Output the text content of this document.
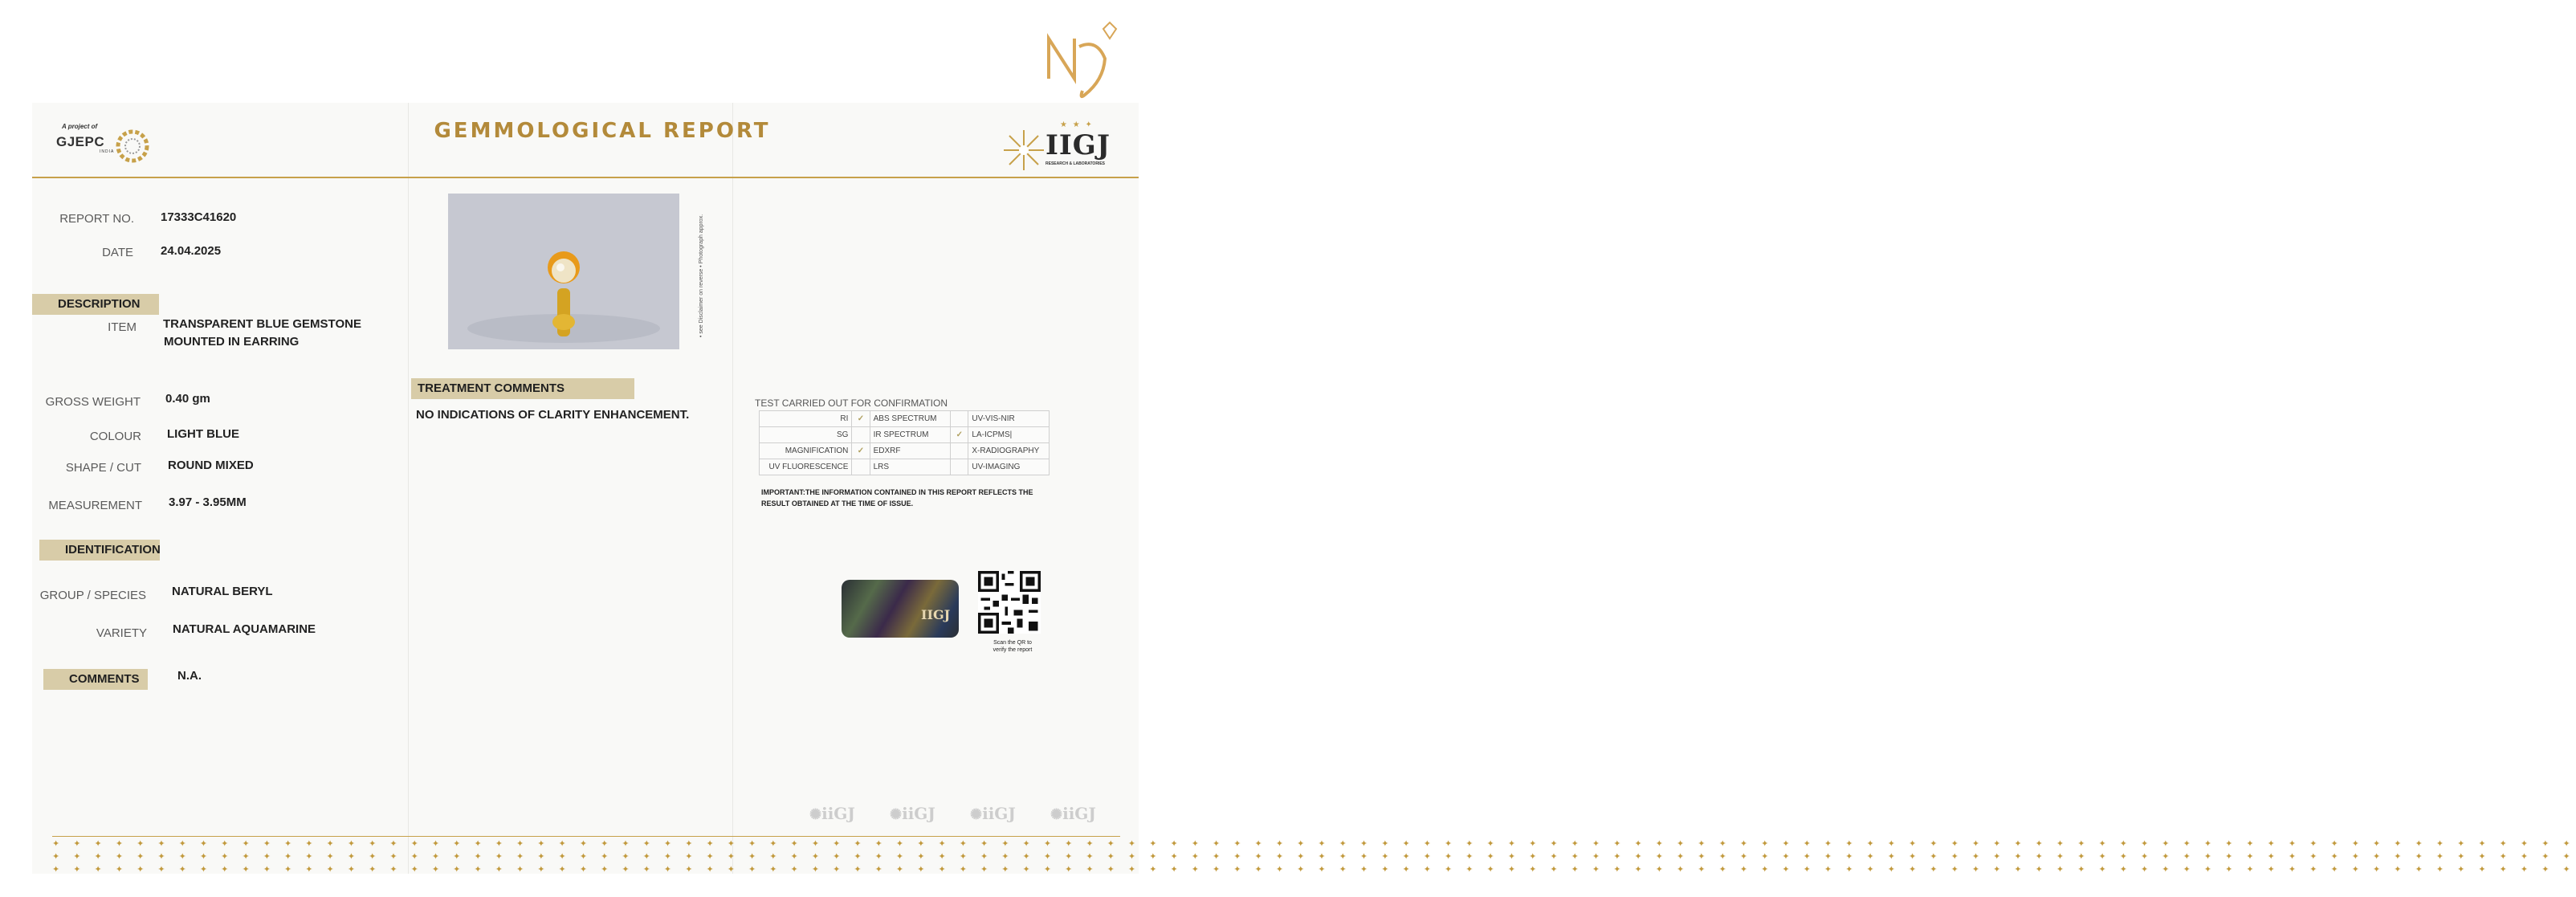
A project of
GJEPC
INDIA
GEMMOLOGICAL REPORT	★ ★ ✦
IIGJ
RESEARCH & LABORATORIES
REPORT NO. 17333C41620
DATE 24.04.2025
DESCRIPTION
ITEM TRANSPARENT BLUE GEMSTONE
MOUNTED IN EARRING
GROSS WEIGHT 0.40 gm
COLOUR LIGHT BLUE
SHAPE / CUT ROUND MIXED
MEASUREMENT 3.97 - 3.95MM
IDENTIFICATION
GROUP / SPECIES NATURAL BERYL
VARIETY NATURAL AQUAMARINE
COMMENTS	N.A.
• see Disclaimer on reverse • Photograph approx.
TREATMENT COMMENTS
NO INDICATIONS OF CLARITY ENHANCEMENT.
TEST CARRIED OUT FOR CONFIRMATION
RI	✓	ABS SPECTRUM		UV-VIS-NIR
SG		IR SPECTRUM	✓	LA-ICPMS|
MAGNIFICATION	✓	EDXRF		X-RADIOGRAPHY
UV FLUORESCENCE		LRS		UV-IMAGING
IMPORTANT:THE INFORMATION CONTAINED IN THIS REPORT REFLECTS THE RESULT OBTAINED AT THE TIME OF ISSUE.
IIGJ
Scan the QR to
verify the report
✺iiGJ	✺iiGJ	✺iiGJ	✺iiGJ
✦ ✦ ✦ ✦ ✦ ✦ ✦ ✦ ✦ ✦ ✦ ✦ ✦ ✦ ✦ ✦ ✦ ✦ ✦ ✦ ✦ ✦ ✦ ✦ ✦ ✦ ✦ ✦ ✦ ✦ ✦ ✦ ✦ ✦ ✦ ✦ ✦ ✦ ✦ ✦ ✦ ✦ ✦ ✦ ✦ ✦ ✦ ✦ ✦ ✦ ✦ ✦ ✦ ✦ ✦ ✦ ✦ ✦ ✦ ✦ ✦ ✦ ✦ ✦ ✦ ✦ ✦ ✦ ✦ ✦ ✦ ✦ ✦ ✦ ✦ ✦ ✦ ✦ ✦ ✦ ✦ ✦ ✦ ✦ ✦ ✦ ✦ ✦ ✦ ✦ ✦ ✦ ✦ ✦ ✦ ✦ ✦ ✦ ✦ ✦ ✦ ✦ ✦ ✦ ✦ ✦ ✦ ✦ ✦ ✦ ✦ ✦ ✦ ✦ ✦ ✦ ✦ ✦ ✦ ✦
✦ ✦ ✦ ✦ ✦ ✦ ✦ ✦ ✦ ✦ ✦ ✦ ✦ ✦ ✦ ✦ ✦ ✦ ✦ ✦ ✦ ✦ ✦ ✦ ✦ ✦ ✦ ✦ ✦ ✦ ✦ ✦ ✦ ✦ ✦ ✦ ✦ ✦ ✦ ✦ ✦ ✦ ✦ ✦ ✦ ✦ ✦ ✦ ✦ ✦ ✦ ✦ ✦ ✦ ✦ ✦ ✦ ✦ ✦ ✦ ✦ ✦ ✦ ✦ ✦ ✦ ✦ ✦ ✦ ✦ ✦ ✦ ✦ ✦ ✦ ✦ ✦ ✦ ✦ ✦ ✦ ✦ ✦ ✦ ✦ ✦ ✦ ✦ ✦ ✦ ✦ ✦ ✦ ✦ ✦ ✦ ✦ ✦ ✦ ✦ ✦ ✦ ✦ ✦ ✦ ✦ ✦ ✦ ✦ ✦ ✦ ✦ ✦ ✦ ✦ ✦ ✦ ✦ ✦ ✦
✦ ✦ ✦ ✦ ✦ ✦ ✦ ✦ ✦ ✦ ✦ ✦ ✦ ✦ ✦ ✦ ✦ ✦ ✦ ✦ ✦ ✦ ✦ ✦ ✦ ✦ ✦ ✦ ✦ ✦ ✦ ✦ ✦ ✦ ✦ ✦ ✦ ✦ ✦ ✦ ✦ ✦ ✦ ✦ ✦ ✦ ✦ ✦ ✦ ✦ ✦ ✦ ✦ ✦ ✦ ✦ ✦ ✦ ✦ ✦ ✦ ✦ ✦ ✦ ✦ ✦ ✦ ✦ ✦ ✦ ✦ ✦ ✦ ✦ ✦ ✦ ✦ ✦ ✦ ✦ ✦ ✦ ✦ ✦ ✦ ✦ ✦ ✦ ✦ ✦ ✦ ✦ ✦ ✦ ✦ ✦ ✦ ✦ ✦ ✦ ✦ ✦ ✦ ✦ ✦ ✦ ✦ ✦ ✦ ✦ ✦ ✦ ✦ ✦ ✦ ✦ ✦ ✦ ✦ ✦
